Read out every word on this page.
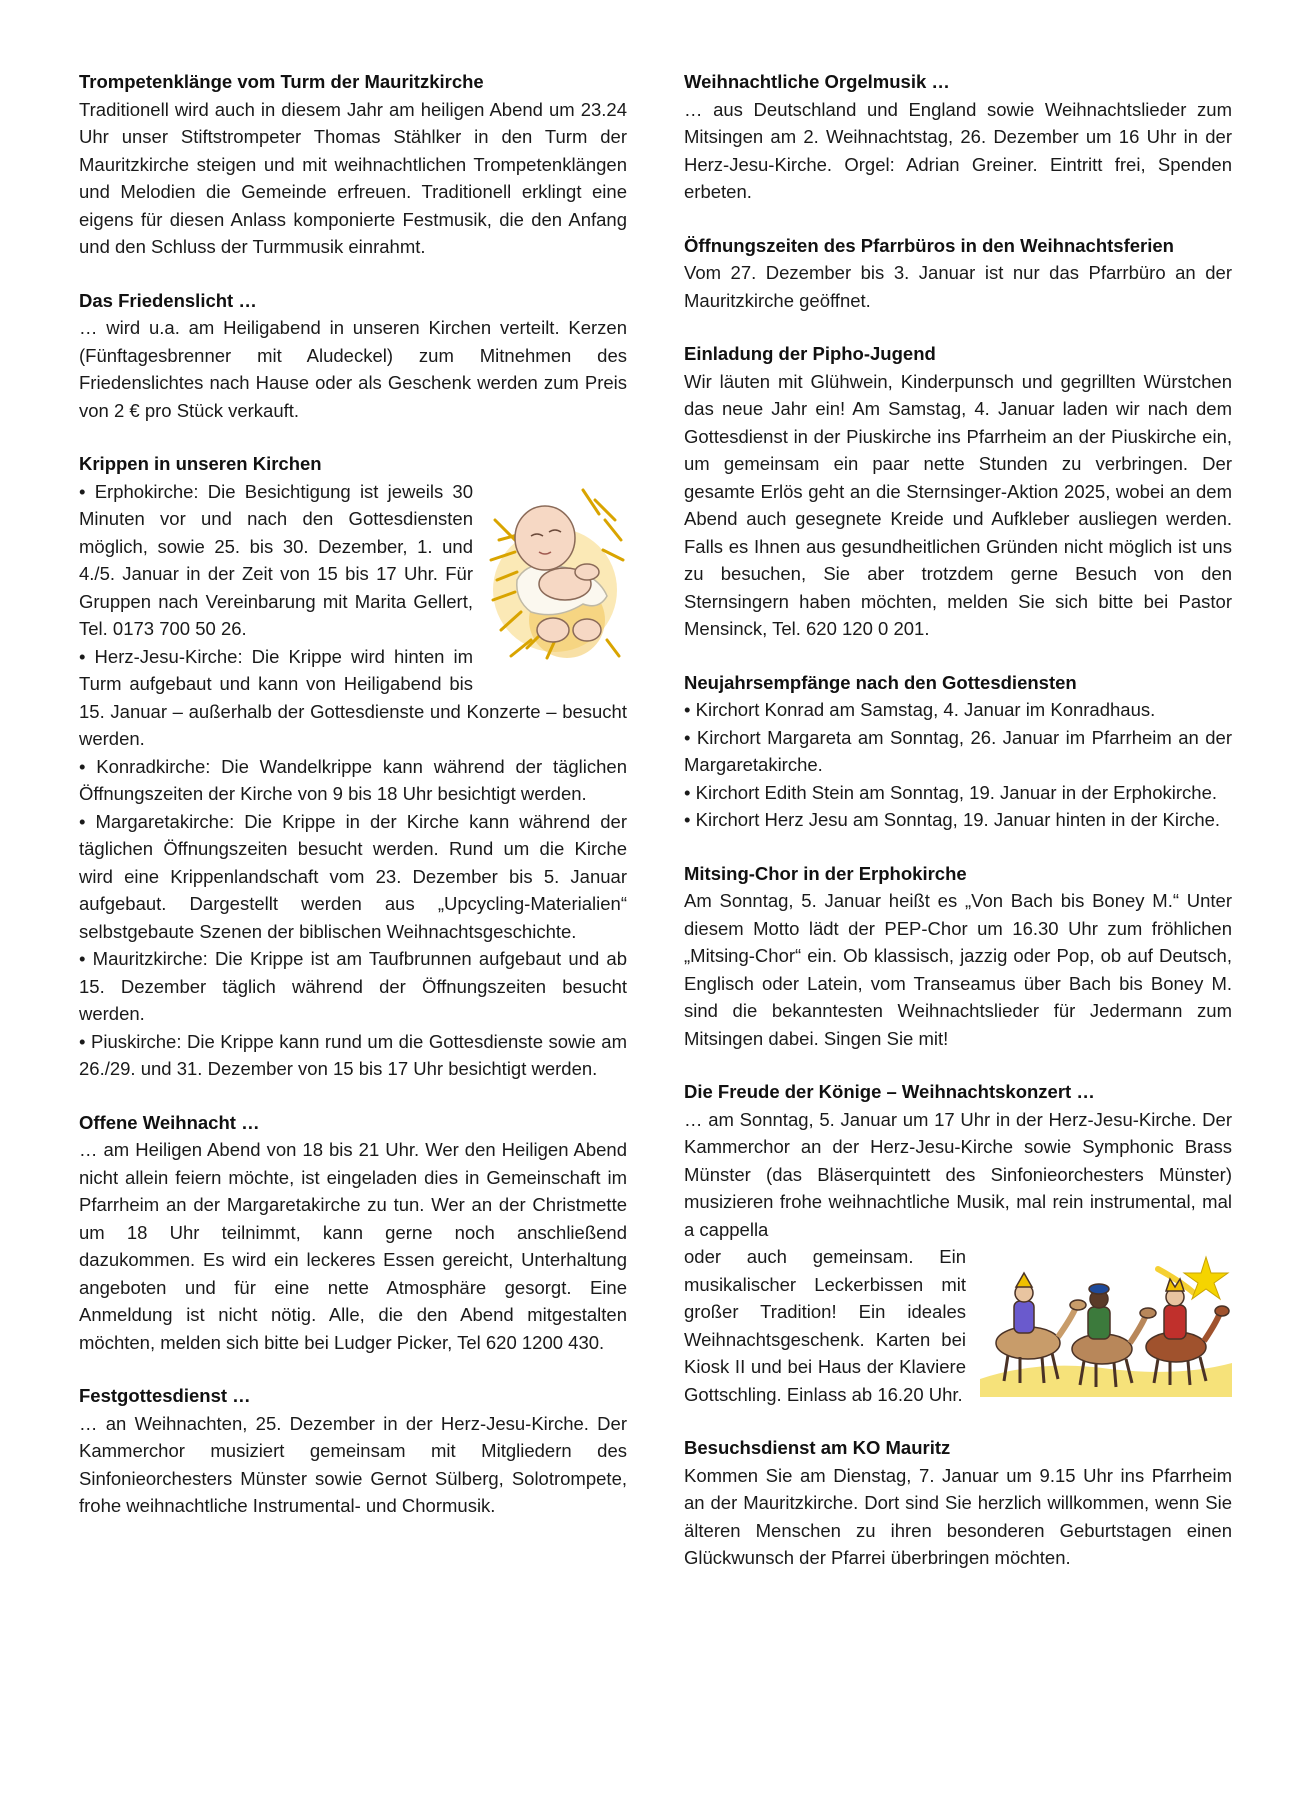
Trompetenklänge vom Turm der Mauritzkirche

Traditionell wird auch in diesem Jahr am heiligen Abend um 23.24 Uhr unser Stiftstrompeter Thomas Stählker in den Turm der Mauritzkirche steigen und mit weihnachtlichen Trompetenklängen und Melodien die Gemeinde erfreuen. Traditionell erklingt eine eigens für diesen Anlass komponierte Festmusik, die den Anfang und den Schluss der Turmmusik einrahmt.

Das Friedenslicht …

… wird u.a. am Heiligabend in unseren Kirchen verteilt. Kerzen (Fünftagesbrenner mit Aludeckel) zum Mitnehmen des Friedenslichtes nach Hause oder als Geschenk werden zum Preis von 2 € pro Stück verkauft.

Krippen in unseren Kirchen
• Erphokirche: Die Besichtigung ist jeweils 30 Minuten vor und nach den Gottesdiensten möglich, sowie 25. bis 30. Dezember, 1. und 4./5. Januar in der Zeit von 15 bis 17 Uhr. Für Gruppen nach Vereinbarung mit Marita Gellert, Tel. 0173 700 50 26.
• Herz-Jesu-Kirche: Die Krippe wird hinten im Turm aufgebaut und kann von Heiligabend bis 15. Januar – außerhalb der Gottesdienste und Konzerte – besucht werden.
• Konradkirche: Die Wandelkrippe kann während der täglichen Öffnungszeiten der Kirche von 9 bis 18 Uhr besichtigt werden.
• Margaretakirche: Die Krippe in der Kirche kann während der täglichen Öffnungszeiten besucht werden. Rund um die Kirche wird eine Krippenlandschaft vom 23. Dezember bis 5. Januar aufgebaut. Dargestellt werden aus „Upcycling-Materialien“ selbstgebaute Szenen der biblischen Weihnachtsgeschichte.
• Mauritzkirche: Die Krippe ist am Taufbrunnen aufgebaut und ab 15. Dezember täglich während der Öffnungszeiten besucht werden.
• Piuskirche: Die Krippe kann rund um die Gottesdienste sowie am 26./29. und 31. Dezember von 15 bis 17 Uhr besichtigt werden.
Offene Weihnacht …

… am Heiligen Abend von 18 bis 21 Uhr. Wer den Heiligen Abend nicht allein feiern möchte, ist eingeladen dies in Gemeinschaft im Pfarrheim an der Margaretakirche zu tun. Wer an der Christmette um 18 Uhr teilnimmt, kann gerne noch anschließend dazukommen. Es wird ein leckeres Essen gereicht, Unterhaltung angeboten und für eine nette Atmosphäre gesorgt. Eine Anmeldung ist nicht nötig. Alle, die den Abend mitgestalten möchten, melden sich bitte bei Ludger Picker, Tel 620 1200 430.

Festgottesdienst …

… an Weihnachten, 25. Dezember in der Herz-Jesu-Kirche. Der Kammerchor musiziert gemeinsam mit Mitgliedern des Sinfonieorchesters Münster sowie Gernot Sülberg, Solotrompete, frohe weihnachtliche Instrumental- und Chormusik.

Weihnachtliche Orgelmusik …

… aus Deutschland und England sowie Weihnachtslieder zum Mitsingen am 2. Weihnachtstag, 26. Dezember um 16 Uhr in der Herz-Jesu-Kirche. Orgel: Adrian Greiner. Eintritt frei, Spenden erbeten.

Öffnungszeiten des Pfarrbüros in den Weihnachtsferien

Vom 27. Dezember bis 3. Januar ist nur das Pfarrbüro an der Mauritzkirche geöffnet.

Einladung der Pipho-Jugend

Wir läuten mit Glühwein, Kinderpunsch und gegrillten Würstchen das neue Jahr ein! Am Samstag, 4. Januar laden wir nach dem Gottesdienst in der Piuskirche ins Pfarrheim an der Piuskirche ein, um gemeinsam ein paar nette Stunden zu verbringen. Der gesamte Erlös geht an die Sternsinger-Aktion 2025, wobei an dem Abend auch gesegnete Kreide und Aufkleber ausliegen werden. Falls es Ihnen aus gesundheitlichen Gründen nicht möglich ist uns zu besuchen, Sie aber trotzdem gerne Besuch von den Sternsingern haben möchten, melden Sie sich bitte bei Pastor Mensinck, Tel. 620 120 0 201.

Neujahrsempfänge nach den Gottesdiensten
• Kirchort Konrad am Samstag, 4. Januar im Konradhaus.
• Kirchort Margareta am Sonntag, 26. Januar im Pfarrheim an der Margaretakirche.
• Kirchort Edith Stein am Sonntag, 19. Januar in der Erphokirche.
• Kirchort Herz Jesu am Sonntag, 19. Januar hinten in der Kirche.
Mitsing-Chor in der Erphokirche

Am Sonntag, 5. Januar heißt es „Von Bach bis Boney M.“ Unter diesem Motto lädt der PEP-Chor um 16.30 Uhr zum fröhlichen „Mitsing-Chor“ ein. Ob klassisch, jazzig oder Pop, ob auf Deutsch, Englisch oder Latein, vom Transeamus über Bach bis Boney M. sind die bekanntesten Weihnachtslieder für Jedermann zum Mitsingen dabei. Singen Sie mit!

Die Freude der Könige – Weihnachtskonzert …

… am Sonntag, 5. Januar um 17 Uhr in der Herz-Jesu-Kirche. Der Kammerchor an der Herz-Jesu-Kirche sowie Symphonic Brass Münster (das Bläserquintett des Sinfonieorchesters Münster) musizieren frohe weihnachtliche Musik, mal rein instrumental, mal a cappella

oder auch gemeinsam. Ein musikalischer Leckerbissen mit großer Tradition! Ein ideales Weihnachtsgeschenk. Karten bei Kiosk II und bei Haus der Klaviere Gottschling. Einlass ab 16.20 Uhr.

Besuchsdienst am KO Mauritz

Kommen Sie am Dienstag, 7. Januar um 9.15 Uhr ins Pfarrheim an der Mauritzkirche. Dort sind Sie herzlich willkommen, wenn Sie älteren Menschen zu ihren besonderen Geburtstagen einen Glückwunsch der Pfarrei überbringen möchten.
